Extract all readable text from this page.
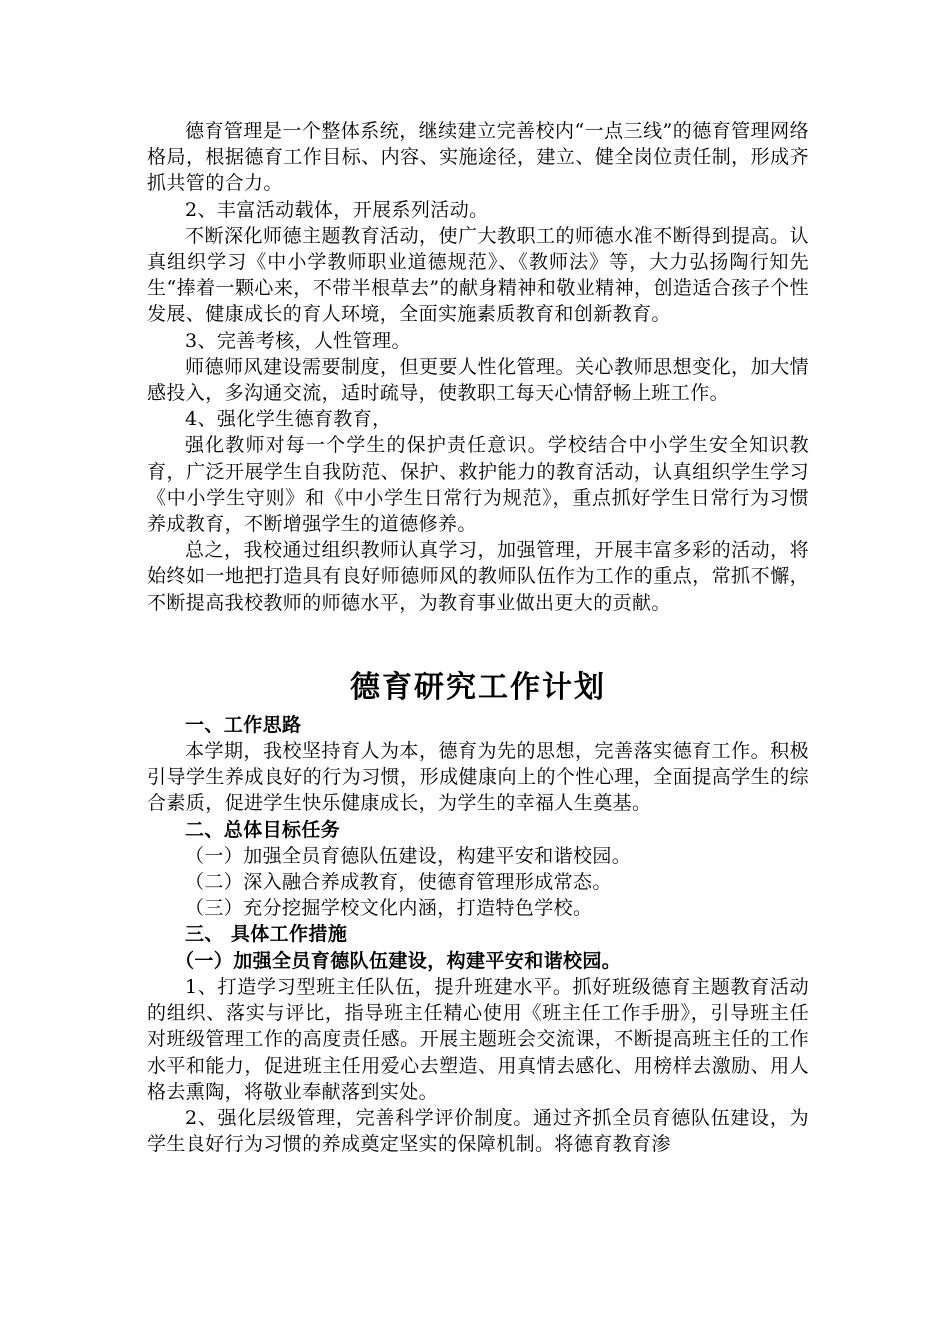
德育管理是一个整体系统，继续建立完善校内“一点三线”的德育管理网络格局，根据德育工作目标、内容、实施途径，建立、健全岗位责任制，形成齐抓共管的合力。

2、丰富活动载体，开展系列活动。

不断深化师德主题教育活动，使广大教职工的师德水准不断得到提高。认真组织学习《中小学教师职业道德规范》、《教师法》等，大力弘扬陶行知先生“捧着一颗心来，不带半根草去”的献身精神和敬业精神，创造适合孩子个性发展、健康成长的育人环境，全面实施素质教育和创新教育。

3、完善考核，人性管理。

师德师风建设需要制度，但更要人性化管理。关心教师思想变化，加大情感投入，多沟通交流，适时疏导，使教职工每天心情舒畅上班工作。

4、强化学生德育教育，

强化教师对每一个学生的保护责任意识。学校结合中小学生安全知识教育，广泛开展学生自我防范、保护、救护能力的教育活动，认真组织学生学习《中小学生守则》和《中小学生日常行为规范》，重点抓好学生日常行为习惯养成教育，不断增强学生的道德修养。

总之，我校通过组织教师认真学习，加强管理，开展丰富多彩的活动，将始终如一地把打造具有良好师德师风的教师队伍作为工作的重点，常抓不懈，不断提高我校教师的师德水平，为教育事业做出更大的贡献。

德育研究工作计划

一、工作思路

本学期，我校坚持育人为本，德育为先的思想，完善落实德育工作。积极引导学生养成良好的行为习惯，形成健康向上的个性心理，全面提高学生的综合素质，促进学生快乐健康成长，为学生的幸福人生奠基。

二、总体目标任务

（一）加强全员育德队伍建设，构建平安和谐校园。

（二）深入融合养成教育，使德育管理形成常态。

（三）充分挖掘学校文化内涵，打造特色学校。

三、 具体工作措施

（一）加强全员育德队伍建设，构建平安和谐校园。

1、打造学习型班主任队伍，提升班建水平。抓好班级德育主题教育活动的组织、落实与评比，指导班主任精心使用《班主任工作手册》，引导班主任对班级管理工作的高度责任感。开展主题班会交流课，不断提高班主任的工作水平和能力，促进班主任用爱心去塑造、用真情去感化、用榜样去激励、用人格去熏陶，将敬业奉献落到实处。

2、强化层级管理，完善科学评价制度。通过齐抓全员育德队伍建设，为学生良好行为习惯的养成奠定坚实的保障机制。将德育教育渗
